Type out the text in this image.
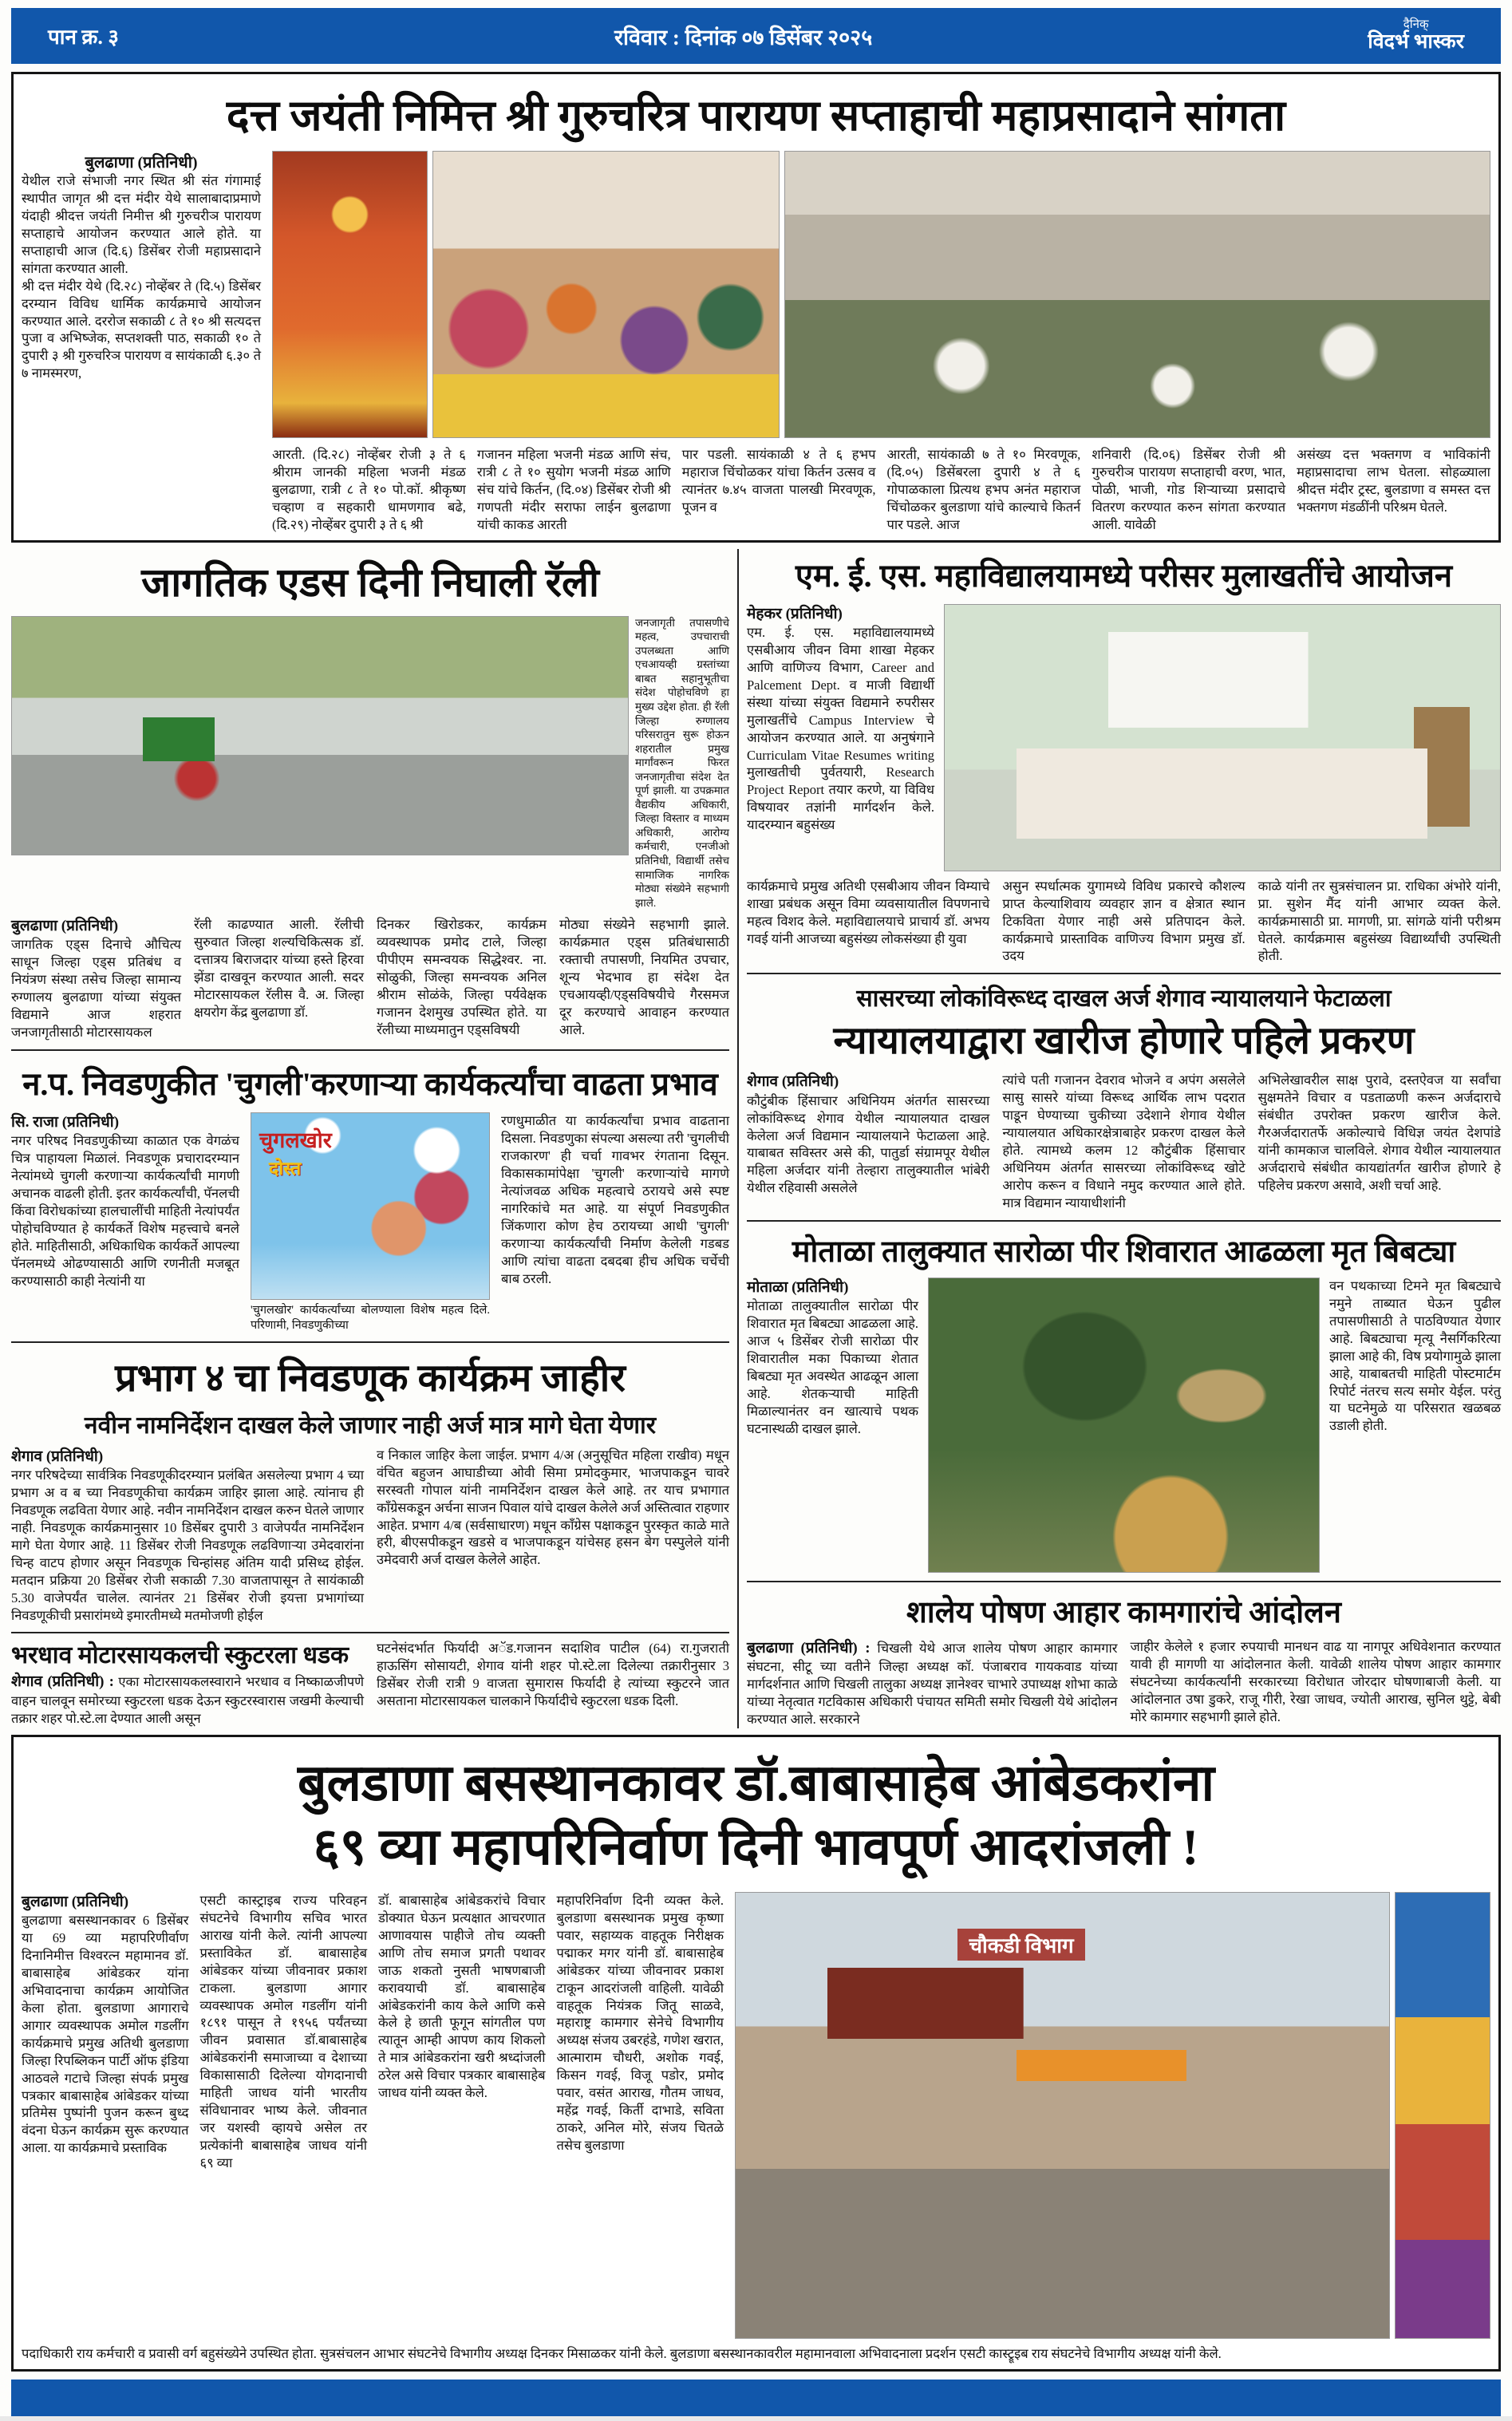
पान क्र. ३	रविवार : दिनांक ०७ डिसेंबर २०२५
दैनिक्
विदर्भ भास्कर
दत्त जयंती निमित्त श्री गुरुचरित्र पारायण सप्ताहाची महाप्रसादाने सांगता
बुलढाणा (प्रतिनिधी)

येथील राजे संभाजी नगर स्थित श्री संत गंगामाई स्थापीत जागृत श्री दत्त मंदीर येथे सालाबादाप्रमाणे यंदाही श्रीदत्त जयंती निमीत्त श्री गुरुचरीञ पारायण सप्ताहाचे आयोजन करण्यात आले होते. या सप्ताहाची आज (दि.६) डिसेंबर रोजी महाप्रसादाने सांगता करण्यात आली.

श्री दत्त मंदीर येथे (दि.२८) नोव्हेंबर ते (दि.५) डिसेंबर दरम्यान विविध धार्मिक कार्यक्रमाचे आयोजन करण्यात आले. दररोज सकाळी ८ ते १० श्री सत्यदत्त पुजा व अभिष्जेक, सप्तशक्ती पाठ, सकाळी १० ते दुपारी ३ श्री गुरुचरिञ पारायण व सायंकाळी ६.३० ते ७ नामस्मरण,

आरती. (दि.२८) नोव्हेंबर रोजी ३ ते ६ श्रीराम जानकी महिला भजनी मंडळ बुलढाणा, रात्री ८ ते १० पो.कॉ. श्रीकृष्ण चव्हाण व सहकारी धामणगाव बढे, (दि.२९) नोव्हेंबर दुपारी ३ ते ६ श्री
गजानन महिला भजनी मंडळ आणि संच, रात्री ८ ते १० सुयोग भजनी मंडळ आणि संच यांचे किर्तन, (दि.०४) डिसेंबर रोजी श्री गणपती मंदीर सराफा लाईन बुलढाणा यांची काकड आरती
पार पडली. सायंकाळी ४ ते ६ हभप महाराज चिंचोळकर यांचा किर्तन उत्सव व त्यानंतर ७.४५ वाजता पालखी मिरवणूक, पूजन व
आरती, सायंकाळी ७ ते १० मिरवणूक, (दि.०५) डिसेंबरला दुपारी ४ ते ६ गोपाळकाला प्रित्यथ हभप अनंत महाराज चिंचोळकर बुलडाणा यांचे काल्याचे कितर्न पार पडले. आज
शनिवारी (दि.०६) डिसेंबर रोजी श्री गुरुचरीञ पारायण सप्ताहाची वरण, भात, पोळी, भाजी, गोड शिऱ्याच्या प्रसादाचे वितरण करण्यात करुन सांगता करण्यात आली. यावेळी
असंख्य दत्त भक्तगण व भाविकांनी महाप्रसादाचा लाभ घेतला. सोहळ्याला श्रीदत्त मंदीर ट्रस्ट, बुलडाणा व समस्त दत्त भक्तगण मंडळींनी परिश्रम घेतले.
जागतिक एडस दिनी निघाली रॅली
जनजागृती तपासणीचे महत्व, उपचाराची उपलब्धता आणि एचआयव्ही ग्रस्तांच्या बाबत सहानुभूतीचा संदेश पोहोचविणे हा मुख्य उद्देश होता. ही रॅली जिल्हा रुग्णालय परिसरातुन सुरू होऊन शहरातील प्रमुख मार्गांवरून फिरत जनजागृतीचा संदेश देत पूर्ण झाली. या उपक्रमात वैद्यकीय अधिकारी, जिल्हा विस्तार व माध्यम अधिकारी, आरोग्य कर्मचारी, एनजीओ प्रतिनिधी, विद्यार्थी तसेच सामाजिक नागरिक मोठ्या संख्येने सहभागी झाले.
बुलढाणा (प्रतिनिधी)
जागतिक एड्स दिनाचे औचित्य साधून जिल्हा एड्स प्रतिबंध व नियंत्रण संस्था तसेच जिल्हा सामान्य रुग्णालय बुलढाणा यांच्या संयुक्त विद्यमाने आज शहरात जनजागृतीसाठी मोटारसायकल
रॅली काढण्यात आली. रॅलीची सुरुवात जिल्हा शल्यचिकित्सक डॉ. दत्तात्रय बिराजदार यांच्या हस्ते हिरवा झेंडा दाखवून करण्यात आली. सदर मोटारसायकल रॅलीस वै. अ. जिल्हा क्षयरोग केंद्र बुलढाणा डॉ.
दिनकर खिरोडकर, कार्यक्रम व्यवस्थापक प्रमोद टाले, जिल्हा पीपीएम समन्वयक सिद्धेश्वर. ना. सोळुकी, जिल्हा समन्वयक अनिल श्रीराम सोळंके, जिल्हा पर्यवेक्षक गजानन देशमुख उपस्थित होते. या रॅलीच्या माध्यमातुन एड्सविषयी
मोठ्या संख्येने सहभागी झाले. कार्यक्रमात एड्स प्रतिबंधासाठी रक्ताची तपासणी, नियमित उपचार, शून्य भेदभाव हा संदेश देत एचआयव्ही/एड्सविषयीचे गैरसमज दूर करण्याचे आवाहन करण्यात आले.
न.प. निवडणुकीत 'चुगली'करणाऱ्या कार्यकर्त्यांचा वाढता प्रभाव
सि. राजा (प्रतिनिधी)
नगर परिषद निवडणुकीच्या काळात एक वेगळंच चित्र पाहायला मिळालं. निवडणूक प्रचारादरम्यान नेत्यांमध्ये चुगली करणाऱ्या कार्यकर्त्यांची मागणी अचानक वाढली होती. इतर कार्यकर्त्यांची, पॅनलची किंवा विरोधकांच्या हालचालींची माहिती नेत्यांपर्यंत पोहोचविण्यात हे कार्यकर्ते विशेष महत्त्वाचे बनले होते. माहितीसाठी, अधिकाधिक कार्यकर्ते आपल्या पॅनलमध्ये ओढण्यासाठी आणि रणनीती मजबूत करण्यासाठी काही नेत्यांनी या
चुगलखोर
दोस्त
'चुगलखोर' कार्यकर्त्यांच्या बोलण्याला विशेष महत्व दिले. परिणामी, निवडणुकीच्या
रणधुमाळीत या कार्यकर्त्यांचा प्रभाव वाढताना दिसला. निवडणुका संपल्या असल्या तरी 'चुगलीची राजकारण' ही चर्चा गावभर रंगताना दिसून. विकासकामांपेक्षा 'चुगली' करणाऱ्यांचे मागणे नेत्यांजवळ अधिक महत्वाचे ठरायचे असे स्पष्ट नागरिकांचे मत आहे. या संपूर्ण निवडणुकीत जिंकणारा कोण हेच ठरायच्या आधी 'चुगली' करणाऱ्या कार्यकर्त्यांची निर्माण केलेली गडबड आणि त्यांचा वाढता दबदबा हीच अधिक चर्चेची बाब ठरली.
प्रभाग ४ चा निवडणूक कार्यक्रम जाहीर
नवीन नामनिर्देशन दाखल केले जाणार नाही अर्ज मात्र मागे घेता येणार
शेगाव (प्रतिनिधी)
नगर परिषदेच्या सार्वत्रिक निवडणूकीदरम्यान प्रलंबित असलेल्या प्रभाग 4 च्या प्रभाग अ व ब च्या निवडणूकीचा कार्यक्रम जाहिर झाला आहे. त्यांनाच ही निवडणूक लढविता येणार आहे. नवीन नामनिर्देशन दाखल करुन घेतले जाणार नाही. निवडणूक कार्यक्रमानुसार 10 डिसेंबर दुपारी 3 वाजेपर्यंत नामनिर्देशन मागे घेता येणार आहे. 11 डिसेंबर रोजी निवडणूक लढविणाऱ्या उमेदवारांना चिन्ह वाटप होणार असून निवडणूक चिन्हांसह अंतिम यादी प्रसिध्द होईल. मतदान प्रक्रिया 20 डिसेंबर रोजी सकाळी 7.30 वाजतापासून ते सायंकाळी 5.30 वाजेपर्यंत चालेल. त्यानंतर 21 डिसेंबर रोजी इयत्ता प्रभागांच्या निवडणूकीची प्रसारांमध्ये इमारतीमध्ये मतमोजणी होईल
व निकाल जाहिर केला जाईल. प्रभाग 4/अ (अनुसूचित महिला राखीव) मधून वंचित बहुजन आघाडीच्या ओवी सिमा प्रमोदकुमार, भाजपाकडून चावरे सरस्वती गोपाल यांनी नामनिर्देशन दाखल केले आहे. तर याच प्रभागात काँग्रेसकडून अर्चना साजन पिवाल यांचे दाखल केलेले अर्ज अस्तित्वात राहणार आहेत. प्रभाग 4/ब (सर्वसाधारण) मधून काँग्रेस पक्षाकडून पुरस्कृत काळे माते हरी, बीएसपीकडून खडसे व भाजपाकडून यांचेसह हसन बेग पस्पुलेले यांनी उमेदवारी अर्ज दाखल केलेले आहेत.
भरधाव मोटारसायकलची स्कुटरला धडक
शेगाव (प्रतिनिधी) : एका मोटारसायकलस्वाराने भरधाव व निष्काळजीपणे वाहन चालवून समोरच्या स्कुटरला धडक देऊन स्कुटरस्वारास जखमी केल्याची तक्रार शहर पो.स्टे.ला देण्यात आली असून
घटनेसंदर्भात फिर्यादी अॅड.गजानन सदाशिव पाटील (64) रा.गुजराती हाऊसिंग सोसायटी, शेगाव यांनी शहर पो.स्टे.ला दिलेल्या तक्रारीनुसार 3 डिसेंबर रोजी रात्री 9 वाजता सुमारास फिर्यादी हे त्यांच्या स्कुटरने जात असताना मोटारसायकल चालकाने फिर्यादीचे स्कुटरला धडक दिली.
एम. ई. एस. महाविद्यालयामध्ये परीसर मुलाखतींचे आयोजन
मेहकर (प्रतिनिधी)
एम. ई. एस. महाविद्यालयामध्ये एसबीआय जीवन विमा शाखा मेहकर आणि वाणिज्य विभाग, Career and Palcement Dept. व माजी विद्यार्थी संस्था यांच्या संयुक्त विद्यमाने रुपरीसर मुलाखतींचे Campus Interview चे आयोजन करण्यात आले. या अनुषंगाने Curriculam Vitae Resumes writing मुलाखतीची पुर्वतयारी, Research Project Report तयार करणे, या विविध विषयावर तज्ञांनी मार्गदर्शन केले. यादरम्यान बहुसंख्य
कार्यक्रमाचे प्रमुख अतिथी एसबीआय जीवन विम्याचे शाखा प्रबंधक असून विमा व्यवसायातील विपणनाचे महत्व विशद केले. महाविद्यालयाचे प्राचार्य डॉ. अभय गवई यांनी आजच्या बहुसंख्य लोकसंख्या ही युवा
असुन स्पर्धात्मक युगामध्ये विविध प्रकारचे कौशल्य प्राप्त केल्याशिवाय व्यवहार ज्ञान व क्षेत्रात स्थान टिकविता येणार नाही असे प्रतिपादन केले. कार्यक्रमाचे प्रास्ताविक वाणिज्य विभाग प्रमुख डॉ. उदय
काळे यांनी तर सुत्रसंचालन प्रा. राधिका अंभोरे यांनी, प्रा. सुशेन मैंद यांनी आभार व्यक्त केले. कार्यक्रमासाठी प्रा. मागणी, प्रा. सांगळे यांनी परीश्रम घेतले. कार्यक्रमास बहुसंख्य विद्यार्थ्यांची उपस्थिती होती.
सासरच्या लोकांविरूध्द दाखल अर्ज शेगाव न्यायालयाने फेटाळला
न्यायालयाद्वारा खारीज होणारे पहिले प्रकरण
शेगाव (प्रतिनिधी)
कौटुंबीक हिंसाचार अधिनियम अंतर्गत सासरच्या लोकांविरूध्द शेगाव येथील न्यायालयात दाखल केलेला अर्ज विद्यमान न्यायालयाने फेटाळला आहे. याबाबत सविस्तर असे की, पातुर्डा संग्रामपूर येथील महिला अर्जदार यांनी तेल्हारा तालुक्यातील भांबेरी येथील रहिवासी असलेले
त्यांचे पती गजानन देवराव भोजने व अपंग असलेले सासु सासरे यांच्या विरूध्द आर्थिक लाभ पदरात पाडून घेण्याच्या चुकीच्या उदेशाने शेगाव येथील न्यायालयात अधिकारक्षेत्राबाहेर प्रकरण दाखल केले होते. त्यामध्ये कलम 12 कौटुंबीक हिंसाचार अधिनियम अंतर्गत सासरच्या लोकांविरूध्द खोटे आरोप करून व विधाने नमुद करण्यात आले होते. मात्र विद्यमान न्यायाधीशांनी
अभिलेखावरील साक्ष पुरावे, दस्तऐवज या सर्वांचा सुक्षमतेने विचार व पडताळणी करून अर्जदाराचे संबंधीत उपरोक्त प्रकरण खारीज केले. गैरअर्जदारातर्फे अकोल्याचे विधिज्ञ जयंत देशपांडे यांनी कामकाज चालविले. शेगाव येथील न्यायालयात अर्जदाराचे संबंधीत कायद्यांतर्गत खारीज होणारे हे पहिलेच प्रकरण असावे, अशी चर्चा आहे.
मोताळा तालुक्यात सारोळा पीर शिवारात आढळला मृत बिबट्या
मोताळा (प्रतिनिधी)
मोताळा तालुक्यातील सारोळा पीर शिवारात मृत बिबट्या आढळला आहे. आज ५ डिसेंबर रोजी सारोळा पीर शिवारातील मका पिकाच्या शेतात बिबट्या मृत अवस्थेत आढळून आला आहे. शेतकऱ्याची माहिती मिळाल्यानंतर वन खात्याचे पथक घटनास्थळी दाखल झाले.
वन पथकाच्या टिमने मृत बिबट्याचे नमुने ताब्यात घेऊन पुढील तपासणीसाठी ते पाठविण्यात येणार आहे. बिबट्याचा मृत्यू नैसर्गिकरित्या झाला आहे की, विष प्रयोगामुळे झाला आहे, याबाबतची माहिती पोस्टमार्टम रिपोर्ट नंतरच सत्य समोर येईल. परंतु या घटनेमुळे या परिसरात खळबळ उडाली होती.
शालेय पोषण आहार कामगारांचे आंदोलन
बुलढाणा (प्रतिनिधी) : चिखली येथे आज शालेय पोषण आहार कामगार संघटना, सीटू च्या वतीने जिल्हा अध्यक्ष कॉ. पंजाबराव गायकवाड यांच्या मार्गदर्शनात आणि चिखली तालुका अध्यक्ष ज्ञानेश्वर चाभारे उपाध्यक्ष शोभा काळे यांच्या नेतृत्वात गटविकास अधिकारी पंचायत समिती समोर चिखली येथे आंदोलन करण्यात आले. सरकारने
जाहीर केलेले १ हजार रुपयाची मानधन वाढ या नागपूर अधिवेशनात करण्यात यावी ही मागणी या आंदोलनात केली. यावेळी शालेय पोषण आहार कामगार संघटनेच्या कार्यकर्त्यांनी सरकारच्या विरोधात जोरदार घोषणाबाजी केली. या आंदोलनात उषा डुकरे, राजू गीरी, रेखा जाधव, ज्योती आराख, सुनिल थुट्टे, बेबी मोरे कामगार सहभागी झाले होते.
बुलडाणा बसस्थानकावर डॉ.बाबासाहेब आंबेडकरांना
६९ व्या महापरिनिर्वाण दिनी भावपूर्ण आदरांजली !
बुलढाणा (प्रतिनिधी)
बुलढाणा बसस्थानकावर 6 डिसेंबर या 69 व्या महापरिणीर्वाण दिनानिमीत्त विश्वरत्न महामानव डॉ. बाबासाहेब आंबेडकर यांना अभिवादनाचा कार्यक्रम आयोजित केला होता. बुलडाणा आगाराचे आगार व्यवस्थापक अमोल गडलींग कार्यक्रमाचे प्रमुख अतिथी बुलडाणा जिल्हा रिपब्लिकन पार्टी ऑफ इंडिया आठवले गटाचे जिल्हा संपर्क प्रमुख पत्रकार बाबासाहेब आंबेडकर यांच्या प्रतिमेस पुष्पांनी पुजन करून बुध्द वंदना घेऊन कार्यक्रम सुरू करण्यात आला. या कार्यक्रमाचे प्रस्ताविक
एसटी कास्ट्राइब राज्य परिवहन संघटनेचे विभागीय सचिव भारत आराख यांनी केले. त्यांनी आपल्या प्रस्ताविकेत डॉ. बाबासाहेब आंबेडकर यांच्या जीवनावर प्रकाश टाकला. बुलडाणा आगार व्यवस्थापक अमोल गडलींग यांनी १८९१ पासून ते १९५६ पर्यंतच्या जीवन प्रवासात डॉ.बाबासाहेब आंबेडकरांनी समाजाच्या व देशाच्या विकासासाठी दिलेल्या योगदानाची माहिती जाधव यांनी भारतीय संविधानावर भाष्य केले. जीवनात जर यशस्वी व्हायचे असेल तर प्रत्येकांनी बाबासाहेब जाधव यांनी ६९ व्या
डॉ. बाबासाहेब आंबेडकरांचे विचार डोक्यात घेऊन प्रत्यक्षात आचरणात आणावयास पाहीजे तोच व्यक्ती आणि तोच समाज प्रगती पथावर जाऊ शकतो नुसती भाषणबाजी करावयाची डॉ. बाबासाहेब आंबेडकरांनी काय केले आणि कसे केले हे छाती फूगून सांगतील पण त्यातून आम्ही आपण काय शिकलो ते मात्र आंबेडकरांना खरी श्रध्दांजली ठरेल असे विचार पत्रकार बाबासाहेब जाधव यांनी व्यक्त केले.
महापरिनिर्वाण दिनी व्यक्त केले. बुलडाणा बसस्थानक प्रमुख कृष्णा पवार, सहाय्यक वाहतूक निरीक्षक पद्माकर मगर यांनी डॉ. बाबासाहेब आंबेडकर यांच्या जीवनावर प्रकाश टाकून आदरांजली वाहिली. यावेळी वाहतूक नियंत्रक जितू साळवे, महाराष्ट्र कामगार सेनेचे विभागीय अध्यक्ष संजय उबरहंडे, गणेश खरात, आत्माराम चौधरी, अशोक गवई, किसन गवई, विजू पडोर, प्रमोद पवार, वसंत आराख, गौतम जाधव, महेंद्र गवई, किर्ती दाभाडे, सविता ठाकरे, अनिल मोरे, संजय चितळे तसेच बुलडाणा
चौकडी विभाग
पदाधिकारी राय कर्मचारी व प्रवासी वर्ग बहुसंख्येने उपस्थित होता. सुत्रसंचलन आभार संघटनेचे विभागीय अध्यक्ष दिनकर मिसाळकर यांनी केले. बुलडाणा बसस्थानकावरील महामानवाला अभिवादनाला प्रदर्शन एसटी कास्ट्रूइब राय संघटनेचे विभागीय अध्यक्ष यांनी केले.
